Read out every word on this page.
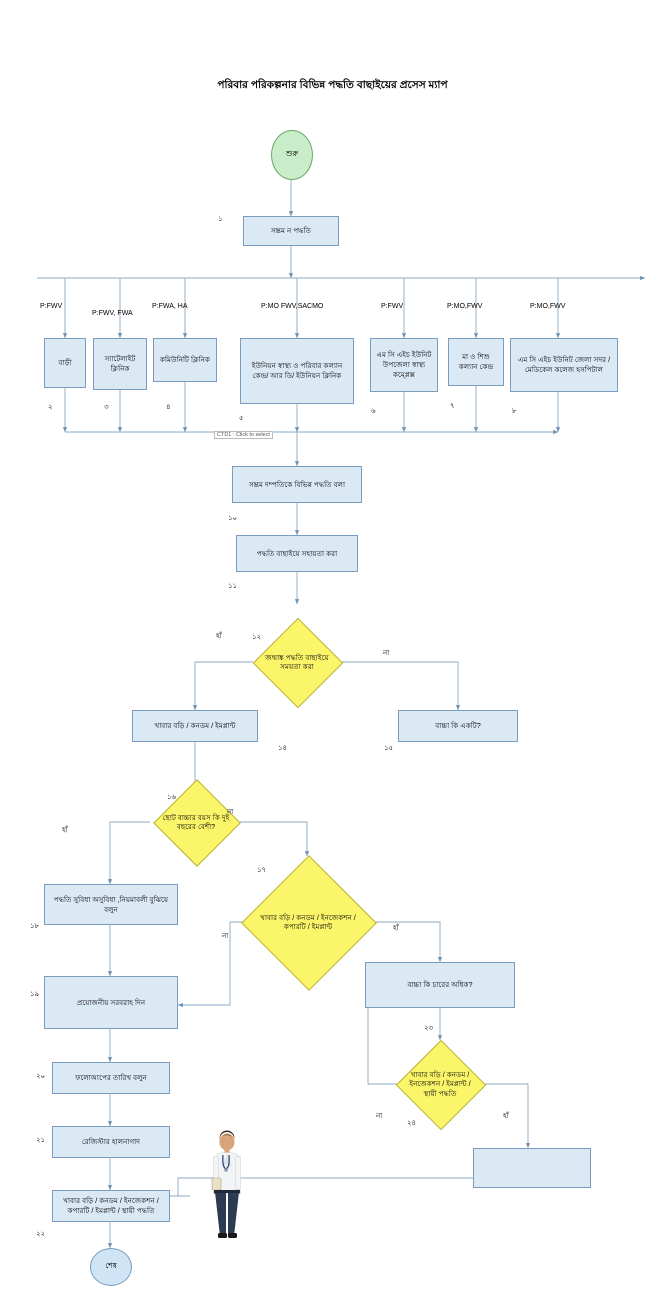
পরিবার পরিকল্পনার বিভিন্ন পদ্ধতি বাছাইয়ের প্রসেস ম্যাপ
শুরু
শেষ
সম্ভ্রম ন পদ্ধতি
বাড়ী	স্যাটেলাইট ক্লিনিক
কমিউনিটি ক্লিনিক
ইউনিয়ন স্বাস্থ্য ও পরিবার কল্যান কেন্দ্র/ আর ডি/ ইউনিয়ন ক্লিনিক
এম সি এইচ ইউনিট উপজেলা স্বাস্থ্য কম্প্লেক্স
মা ও শিশু কল্যান কেন্দ্র
এম সি এইচ ইউনিট জেলা সদর / মেডিকেল কলেজ হসপিটাল
সম্ভ্রম দম্পতিকে বিভিন্ন পদ্ধতি বলা
পদ্ধতি বাছাইয়ে সহায়তা করা
খাবার বড়ি / কনডম / ইমপ্লান্ট	বাচ্চা কি একটি?
পদ্ধতি সুবিধা অসুবিধা ,নিয়মাবলী বুঝিয়ে বলুন
প্রয়োজনীয় সরবরাহ দিন
ফলোআপের তারিখ বলুন
রেজিস্টার হালনাগাদ
খাবার বড়ি / কনডম / ইনজেকশন / কপারটি / ইমপ্লান্ট / স্থায়ী পদ্ধতি
বাচ্চা কি চারের অধিক?
জন্মাঙ্ক পদ্ধতি বাছাইয়ে সময়তা করা
ছোট বাচ্চার বয়স কি দুই বছরের বেশী?
খাবার বড়ি / কনডম / ইনজেকশন / কপারটি / ইমপ্লান্ট
খাবার বড়ি / কনডম / ইনজেকশন / ইমপ্লান্ট / স্থায়ী পদ্ধতি
P:FWV
P:FWV, FWA
P:FWA, HA	P:MO FWV,SACMO	P:FWV	P:MO,FWV	P:MO,FWV
১
২	৩	৪
৫
৬
৭
৮
১০
১১
১২
১৪	১৫
১৬
১৭
১৮
১৯
২০
২১
২২
২৩
২৪
হাঁ
না
হাঁ
না
না
হাঁ
না	হাঁ
CTD1 : Click to select
